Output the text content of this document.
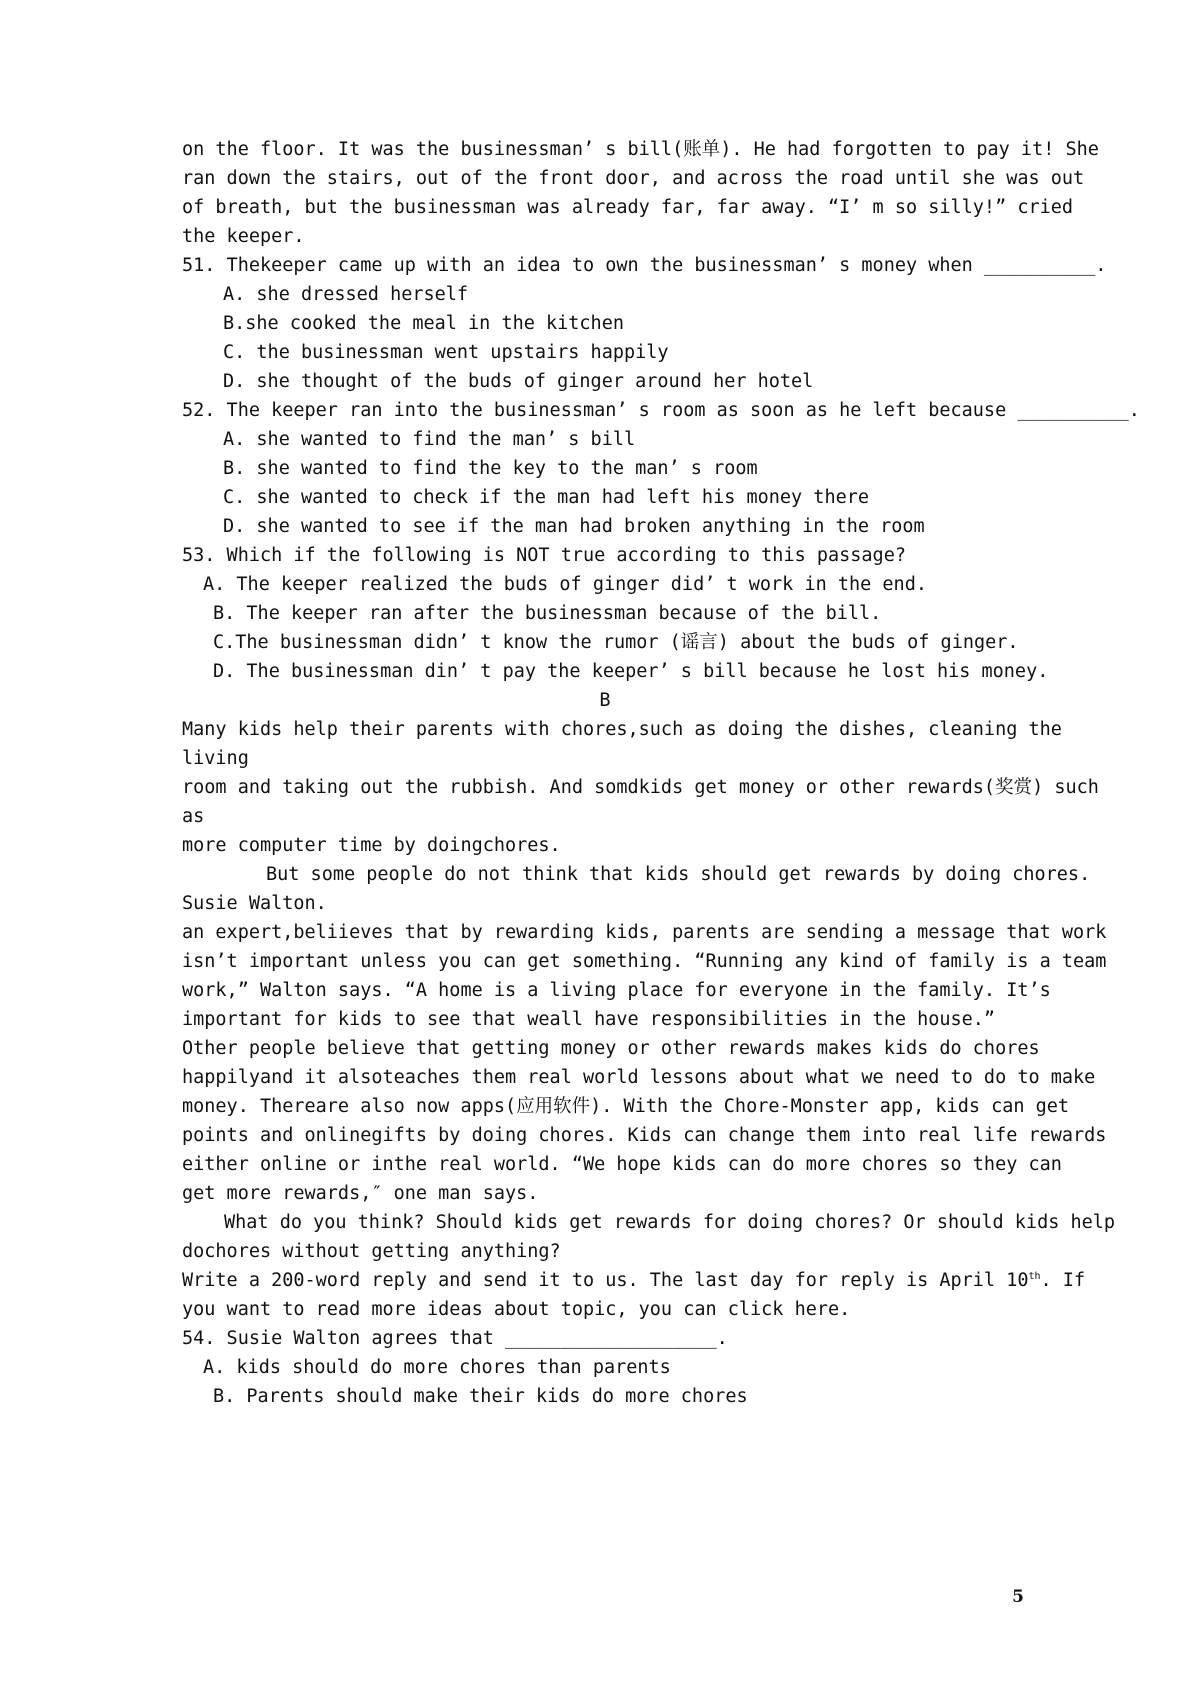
on the floor. It was the businessman’ s bill(账单). He had forgotten to pay it! She
ran down the stairs, out of the front door, and across the road until she was out
of breath, but the businessman was already far, far away. “I’ m so silly!” cried
the keeper.
51. Thekeeper came up with an idea to own the businessman’ s money when __________.
A. she dressed herself
B.she cooked the meal in the kitchen
C. the businessman went upstairs happily
D. she thought of the buds of ginger around her hotel
52. The keeper ran into the businessman’ s room as soon as he left because __________.
A. she wanted to find the man’ s bill
B. she wanted to find the key to the man’ s room
C. she wanted to check if the man had left his money there
D. she wanted to see if the man had broken anything in the room
53. Which if the following is NOT true according to this passage?
A. The keeper realized the buds of ginger did’ t work in the end.
B. The keeper ran after the businessman because of the bill.
C.The businessman didn’ t know the rumor (谣言) about the buds of ginger.
D. The businessman din’ t pay the keeper’ s bill because he lost his money.
B
Many kids help their parents with chores,such as doing the dishes, cleaning the
living
room and taking out the rubbish. And somdkids get money or other rewards(奖赏) such
as
more computer time by doingchores.
But some people do not think that kids should get rewards by doing chores.
Susie Walton.
an expert,beliieves that by rewarding kids, parents are sending a message that work
isn’t important unless you can get something. “Running any kind of family is a team
work,” Walton says. “A home is a living place for everyone in the family. It’s
important for kids to see that weall have responsibilities in the house.”
Other people believe that getting money or other rewards makes kids do chores
happilyand it alsoteaches them real world lessons about what we need to do to make
money. Thereare also now apps(应用软件). With the Chore-Monster app, kids can get
points and onlinegifts by doing chores. Kids can change them into real life rewards
either online or inthe real world. “We hope kids can do more chores so they can
get more rewards,″ one man says.
What do you think? Should kids get rewards for doing chores? Or should kids help
dochores without getting anything?
Write a 200-word reply and send it to us. The last day for reply is April 10th. If
you want to read more ideas about topic, you can click here.
54. Susie Walton agrees that ___________________.
A. kids should do more chores than parents
B. Parents should make their kids do more chores
5
